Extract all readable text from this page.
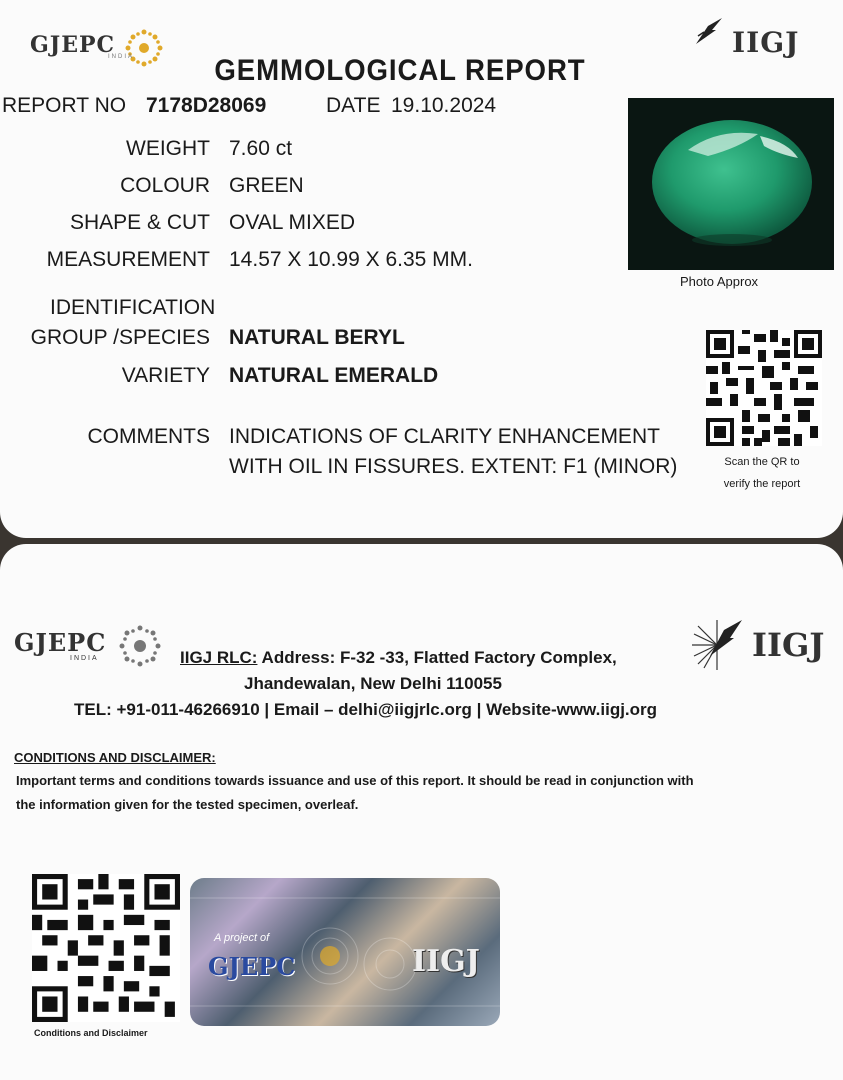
GJEPC
INDIA	IIGJ
GEMMOLOGICAL REPORT
REPORT NO 7178D28069	DATE 19.10.2024
WEIGHT 7.60 ct
COLOUR GREEN
SHAPE & CUT OVAL MIXED
MEASUREMENT 14.57 X 10.99 X 6.35 MM.
IDENTIFICATION
GROUP /SPECIES NATURAL BERYL
VARIETY NATURAL EMERALD
COMMENTS INDICATIONS OF CLARITY ENHANCEMENT
WITH OIL IN FISSURES. EXTENT: F1 (MINOR)
Photo Approx
Scan the QR to
verify the report
GJEPC
INDIA	IIGJ
IIGJ RLC: Address: F-32 -33, Flatted Factory Complex,
Jhandewalan, New Delhi 110055
TEL: +91-011-46266910 | Email – delhi@iigjrlc.org | Website-www.iigj.org
CONDITIONS AND DISCLAIMER:
Important terms and conditions towards issuance and use of this report. It should be read in conjunction with
the information given for the tested specimen, overleaf.
Conditions and Disclaimer
A project of
GJEPC	IIGJ
